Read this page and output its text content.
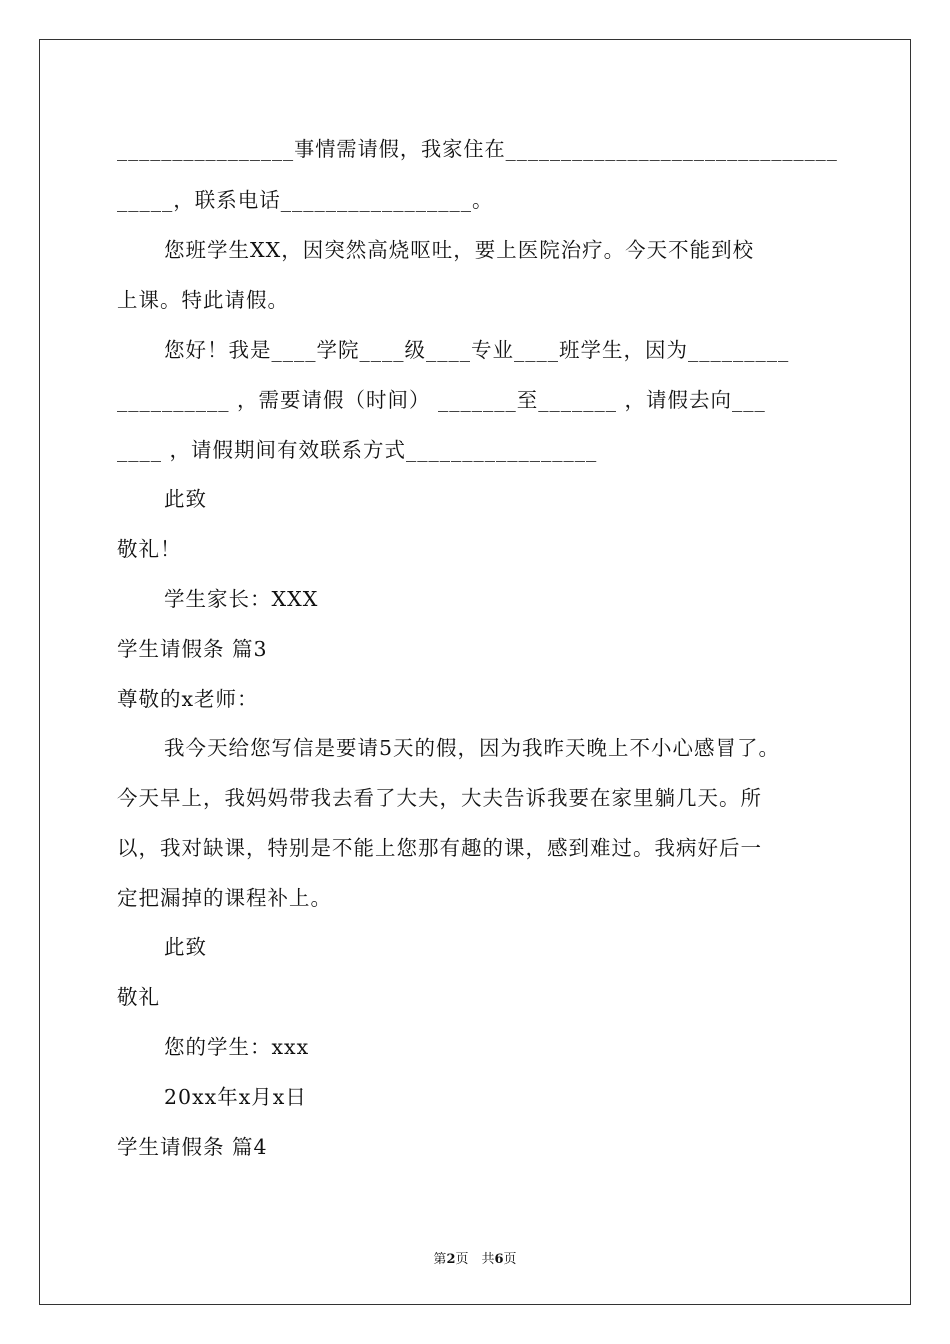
________________事情需请假，我家住在______________________________
_____，联系电话_________________。
您班学生XX，因突然高烧呕吐，要上医院治疗。今天不能到校
上课。特此请假。
您好！我是____学院____级____专业____班学生，因为_________
__________ ，需要请假（时间） _______至_______ ，请假去向___
____ ，请假期间有效联系方式_________________
此致
敬礼！
学生家长：XXX
学生请假条 篇3
尊敬的x老师：
我今天给您写信是要请5天的假，因为我昨天晚上不小心感冒了。
今天早上，我妈妈带我去看了大夫，大夫告诉我要在家里躺几天。所
以，我对缺课，特别是不能上您那有趣的课，感到难过。我病好后一
定把漏掉的课程补上。
此致
敬礼
您的学生：xxx
20xx年x月x日
学生请假条 篇4
第2页　共6页
